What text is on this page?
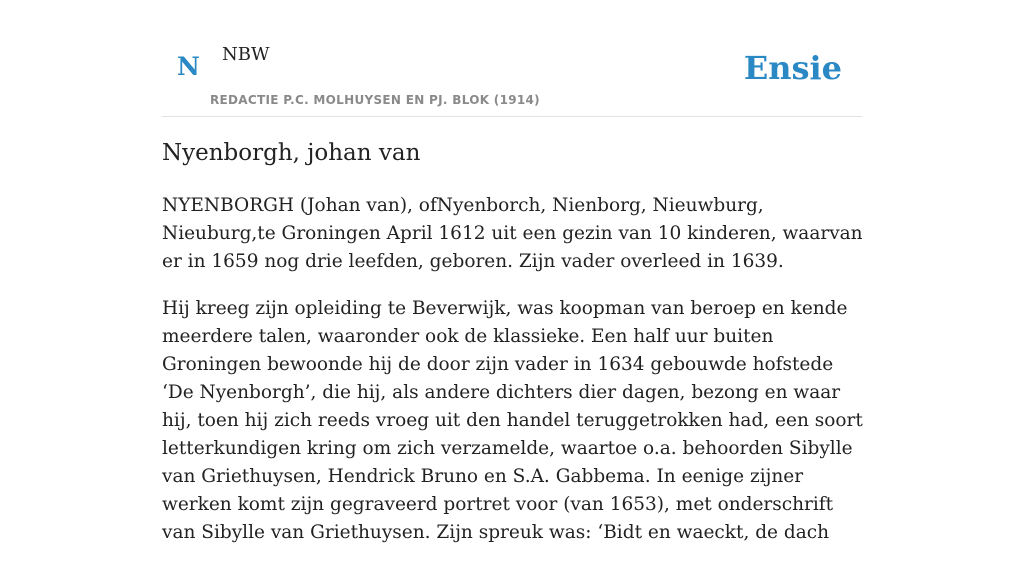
N NBW
REDACTIE P.C. MOLHUYSEN EN PJ. BLOK (1914)
Ensie
Nyenborgh, johan van

NYENBORGH (Johan van), ofNyenborch, Nienborg, Nieuwburg, Nieuburg,te Groningen April 1612 uit een gezin van 10 kinderen, waarvan er in 1659 nog drie leefden, geboren. Zijn vader overleed in 1639.

Hij kreeg zijn opleiding te Beverwijk, was koopman van beroep en kende meerdere talen, waaronder ook de klassieke. Een half uur buiten Groningen bewoonde hij de door zijn vader in 1634 gebouwde hofstede ‘De Nyenborgh’, die hij, als andere dichters dier dagen, bezong en waar hij, toen hij zich reeds vroeg uit den handel teruggetrokken had, een soort letterkundigen kring om zich verzamelde, waartoe o.a. behoorden Sibylle van Griethuysen, Hendrick Bruno en S.A. Gabbema. In eenige zijner werken komt zijn gegraveerd portret voor (van 1653), met onderschrift van Sibylle van Griethuysen. Zijn spreuk was: ‘Bidt en waeckt, de dach
